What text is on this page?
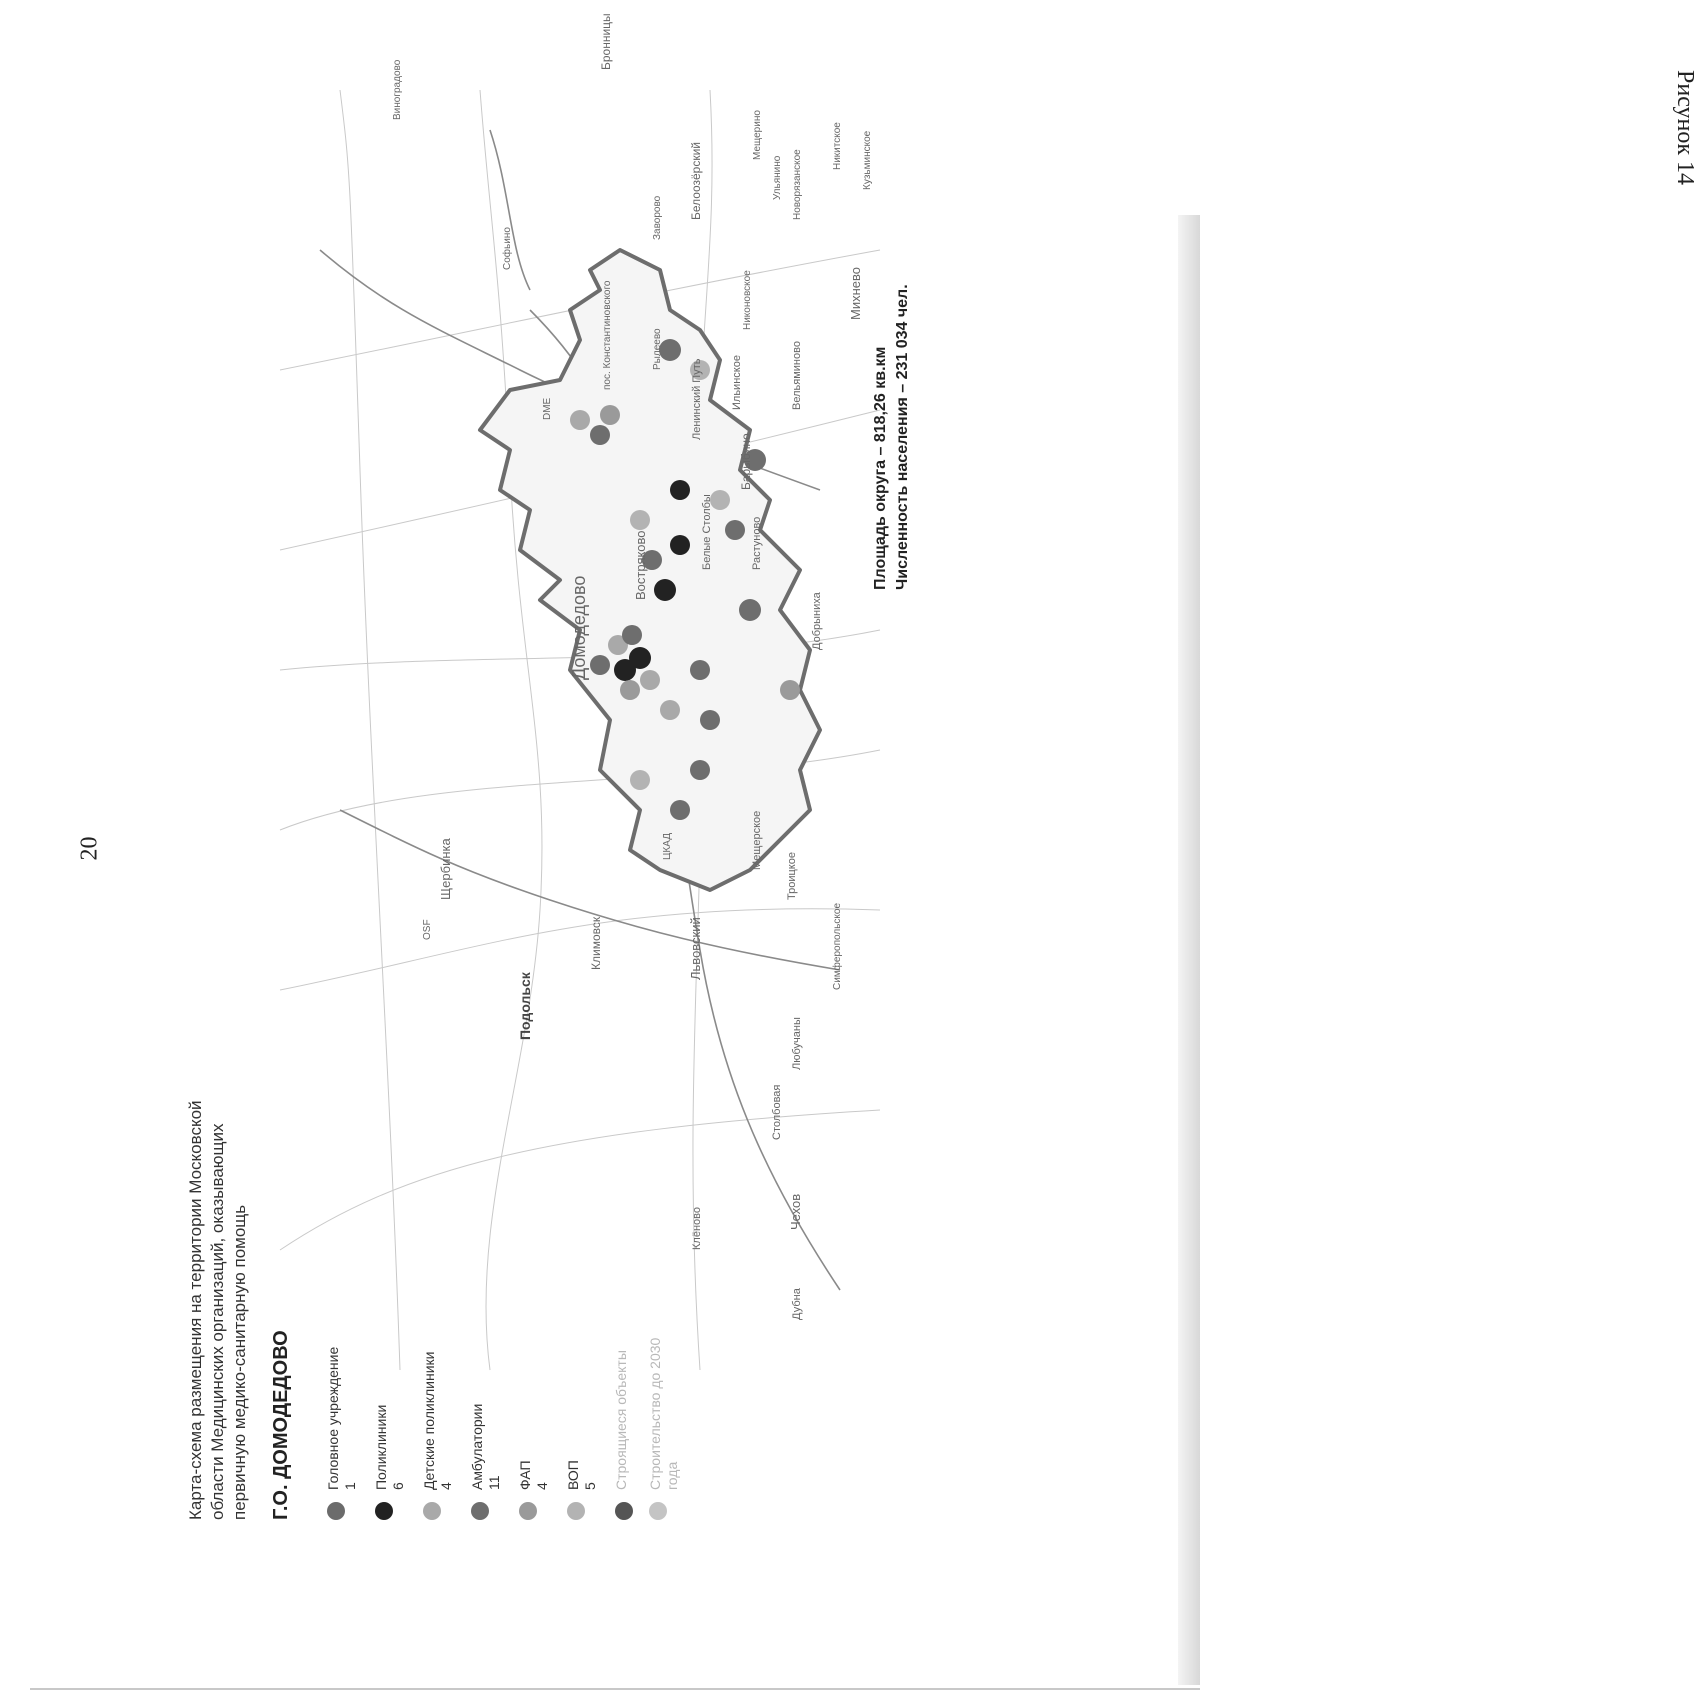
20
Рисунок 14
Карта-схема размещения на территории Московской области Медицинских организаций, оказывающих первичную медико-санитарную помощь Г.О. ДОМОДЕДОВО Головное учреждение 1 Поликлиники 6 Детские поликлиники 4 Амбулатории 11 ФАП 4 ВОП 5 Строящиеся объекты Строительство до 2030 года
Подольск
Щербинка
Климовск	Львовский
Чехов
Столбовая
Любучаны
Троицкое
Мещерское
Домодедово
Востряково	Белые Столбы
Барыбино
Растуново
Добрыниха
Вельяминово
Ильинское
Ленинский Путь
пос. Константиновского	Михнево
Бронницы
Белоозёрский
Софьино
Заворово
Ульянино
Никитское
Виноградово
Мещерино
Клёново
Дубна
Рылеево
Никоновское
Кузьминское
ЦКАД
Симферопольское
Новорязанское
А-107
DME
OSF
Площадь округа – 818,26 кв.км Численность населения – 231 034 чел.
